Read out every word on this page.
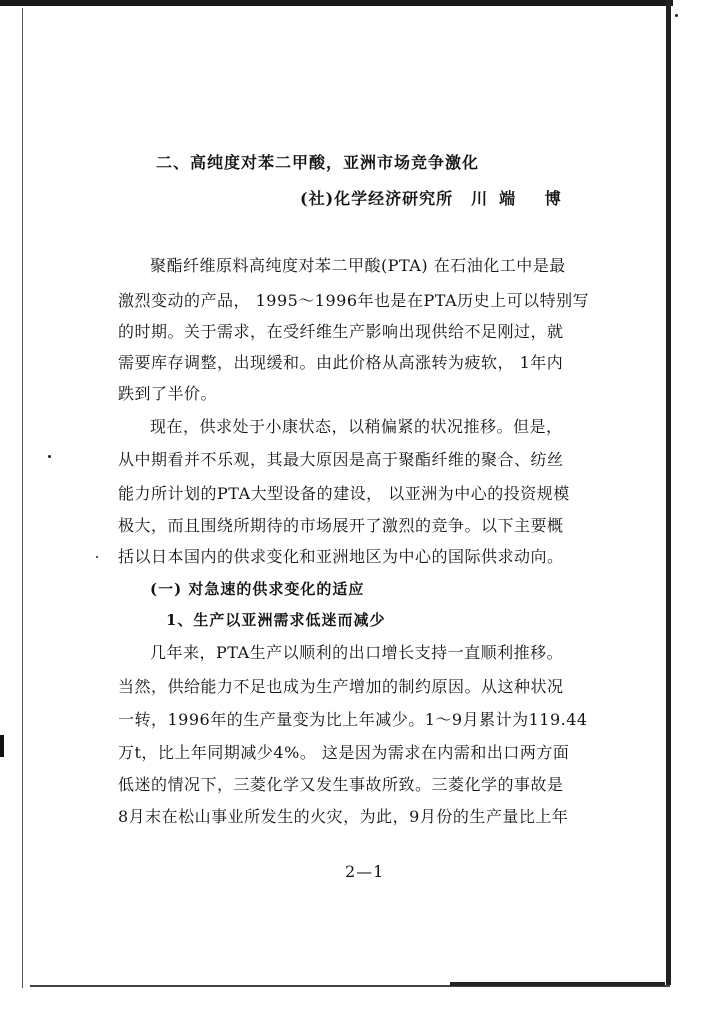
二、高纯度对苯二甲酸，亚洲市场竞争激化
(社)化学经济研究所 川端 博
聚酯纤维原料高纯度对苯二甲酸(PTA) 在石油化工中是最
激烈变动的产品， 1995～1996年也是在PTA历史上可以特别写
的时期。关于需求，在受纤维生产影响出现供给不足刚过，就
需要库存调整，出现缓和。由此价格从高涨转为疲软， 1年内
跌到了半价。
现在，供求处于小康状态，以稍偏紧的状况推移。但是，
从中期看并不乐观，其最大原因是高于聚酯纤维的聚合、纺丝
能力所计划的PTA大型设备的建设， 以亚洲为中心的投资规模
极大，而且围绕所期待的市场展开了激烈的竞争。以下主要概
括以日本国内的供求变化和亚洲地区为中心的国际供求动向。
(一) 对急速的供求变化的适应
1、生产以亚洲需求低迷而减少
几年来，PTA生产以顺利的出口增长支持一直顺利推移。
当然，供给能力不足也成为生产增加的制约原因。从这种状况
一转，1996年的生产量变为比上年减少。1～9月累计为119.44
万t，比上年同期减少4%。 这是因为需求在内需和出口两方面
低迷的情况下，三菱化学又发生事故所致。三菱化学的事故是
8月末在松山事业所发生的火灾，为此，9月份的生产量比上年
2—1
